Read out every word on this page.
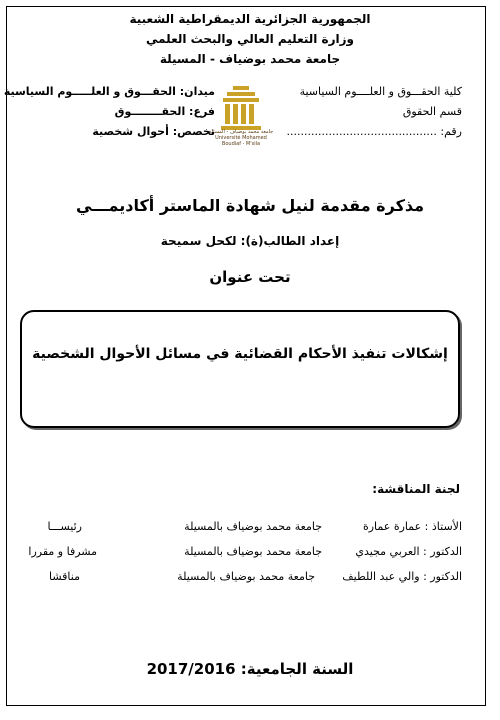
الجمهورية الجزائرية الديمقراطية الشعبية
وزارة التعليم العالي والبحث العلمي
جامعة محمد بوضياف - المسيلة
كلية الحقـــوق و العلــــوم السياسية
قسم الحقوق
رقم: ...........................................
جامعة محمد بوضياف - المسيلة
Université Mohamed Boudiaf - M'sila
ميدان: الحقـــوق و العلـــــوم السياسية
فرع: الحقــــــــوق
تخصص: أحوال شخصية
مذكرة مقدمة لنيل شهادة الماستر أكاديمـــي
إعداد الطالب(ة): لكحل سميحة
تحت عنوان
إشكالات تنفيذ الأحكام القضائية في مسائل الأحوال الشخصية
لجنة المناقشة:
الأستاذ : عمارة عمارة
جامعة محمد بوضياف بالمسيلة
رئيســـا
الدكتور : العربي مجيدي
جامعة محمد بوضياف بالمسيلة
مشرفا و مقررا
الدكتور : والي عبد اللطيف
جامعة محمد بوضياف بالمسيلة
مناقشا
السنة الجامعية: 2017/2016
